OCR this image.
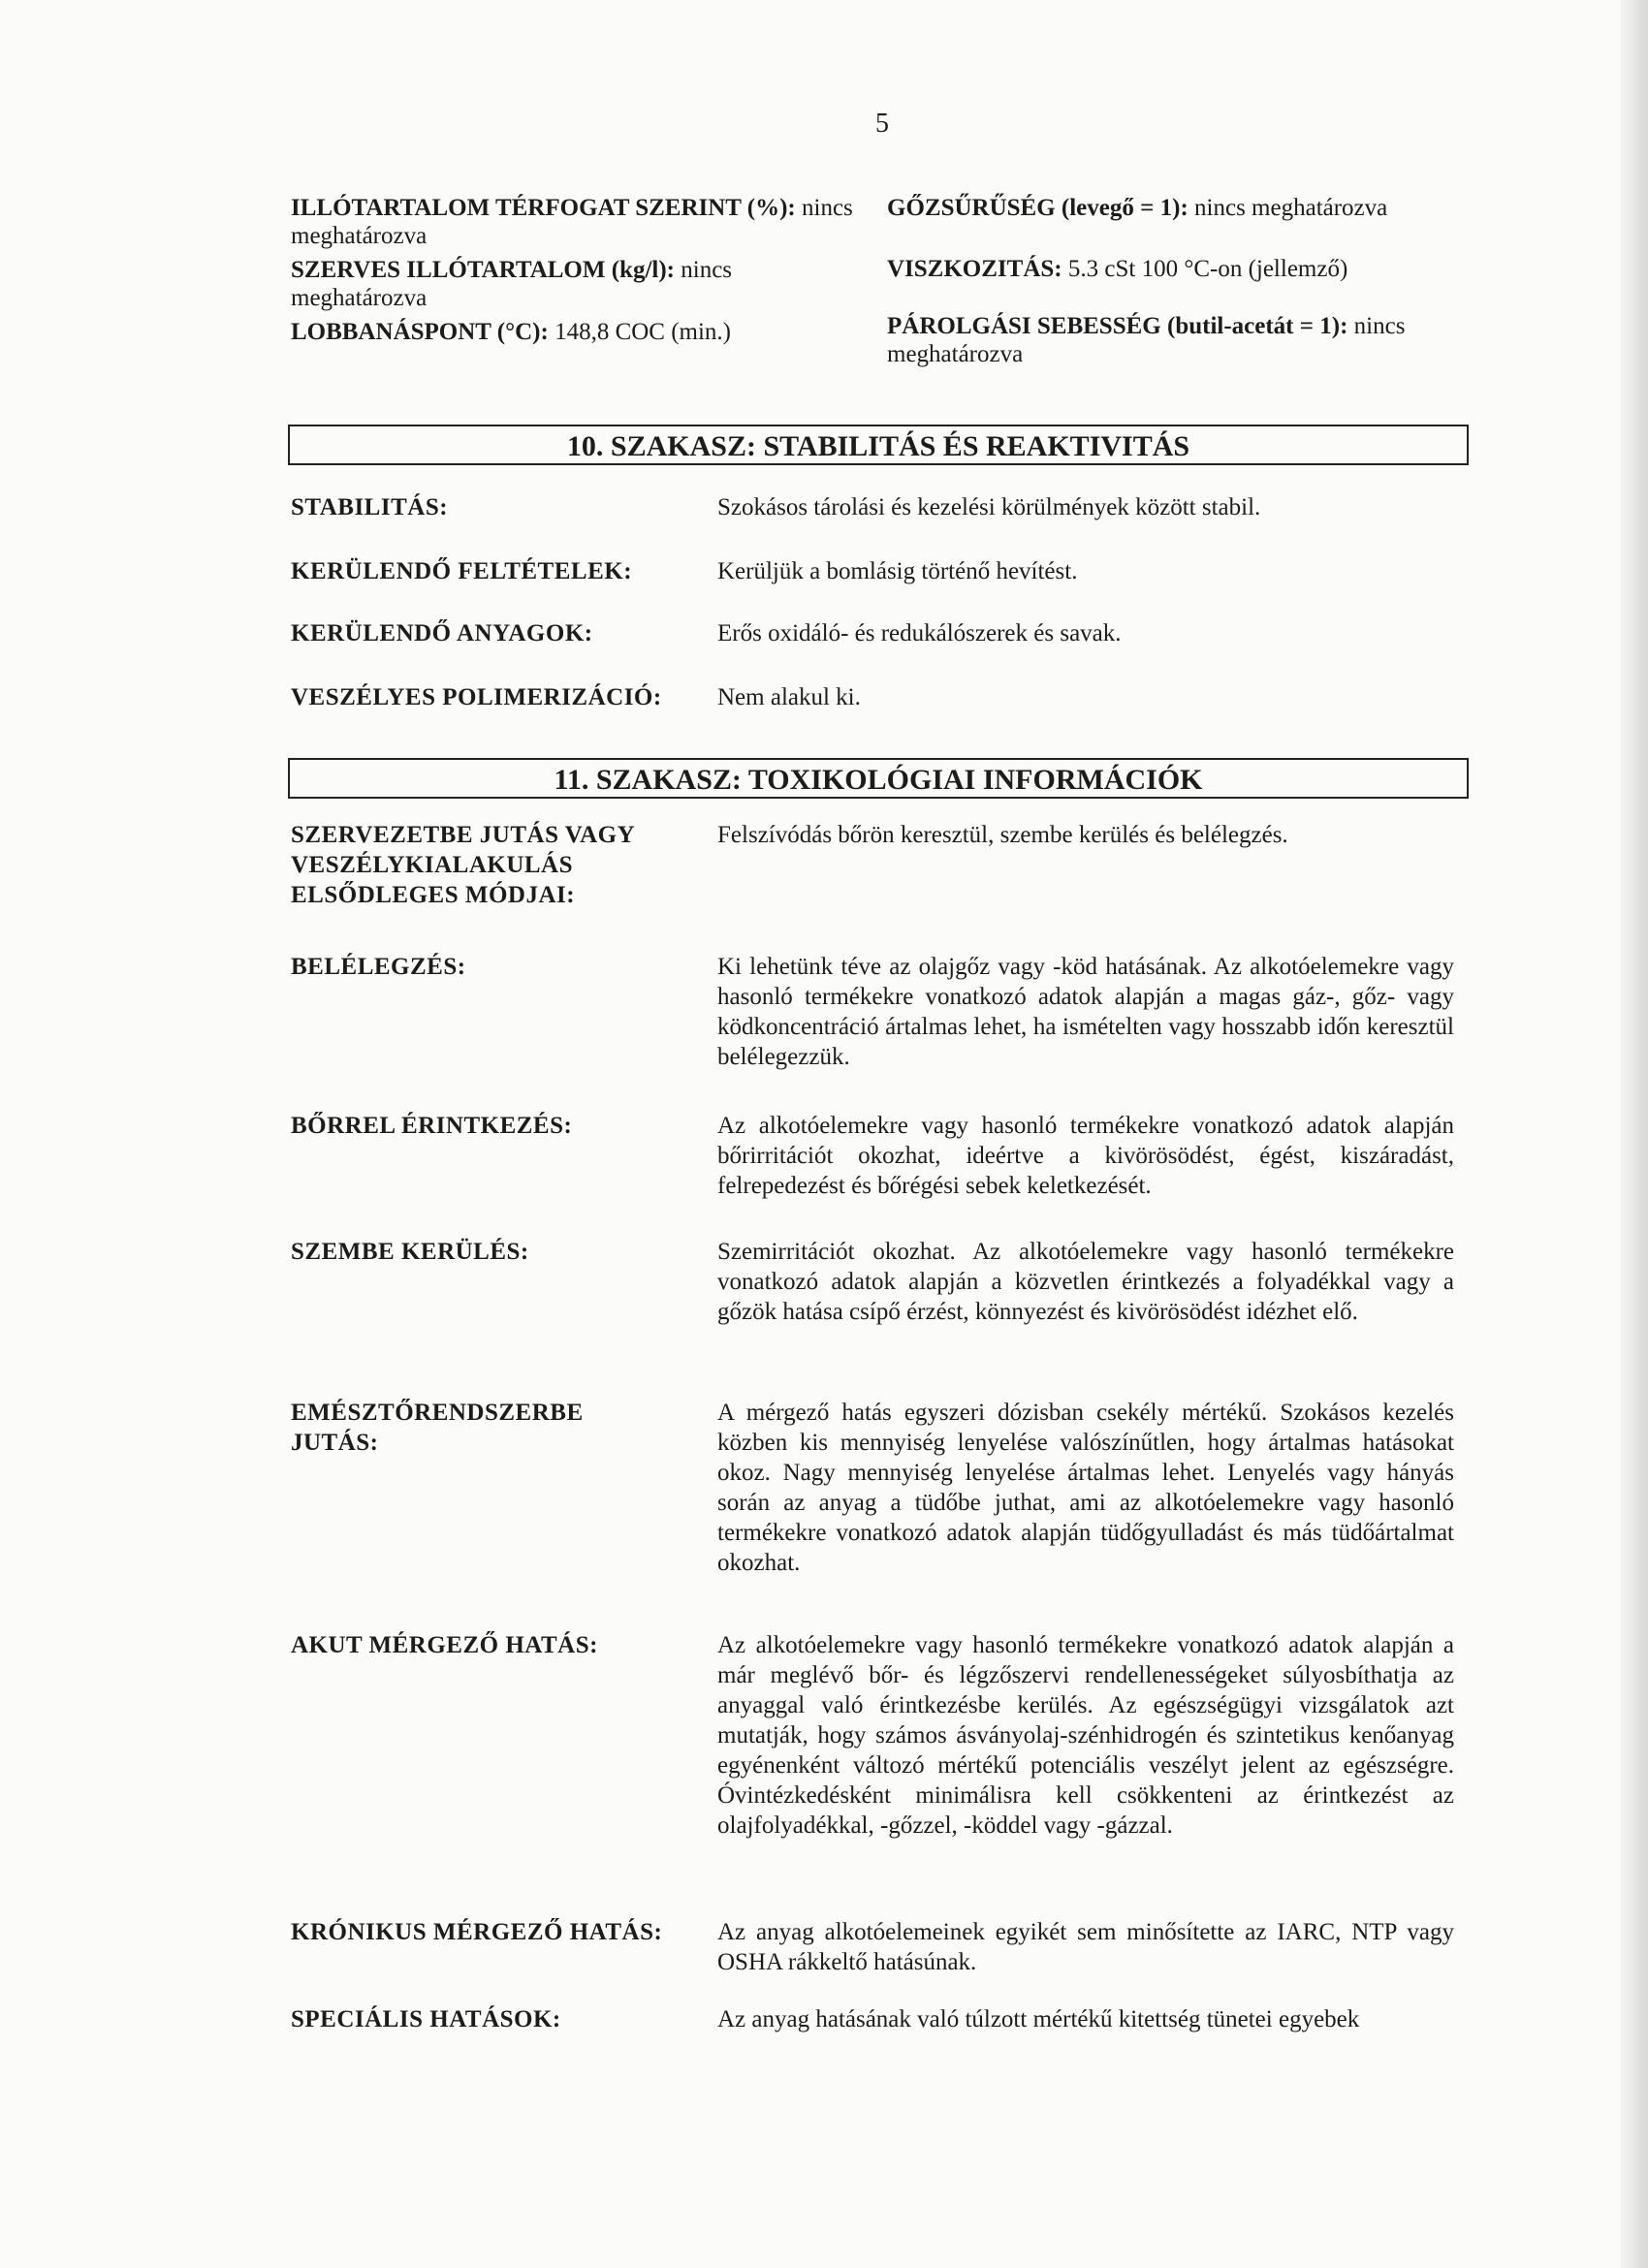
5
ILLÓTARTALOM TÉRFOGAT SZERINT (%): nincs meghatározva
SZERVES ILLÓTARTALOM (kg/l): nincs meghatározva
LOBBANÁSPONT (°C): 148,8 COC (min.)
GŐZSŰRŰSÉG (levegő = 1): nincs meghatározva
VISZKOZITÁS: 5.3 cSt 100 °C-on (jellemző)
PÁROLGÁSI SEBESSÉG (butil-acetát = 1): nincs meghatározva
10. SZAKASZ: STABILITÁS ÉS REAKTIVITÁS
STABILITÁS:	Szokásos tárolási és kezelési körülmények között stabil.
KERÜLENDŐ FELTÉTELEK:	Kerüljük a bomlásig történő hevítést.
KERÜLENDŐ ANYAGOK:	Erős oxidáló- és redukálószerek és savak.
VESZÉLYES POLIMERIZÁCIÓ:	Nem alakul ki.
11. SZAKASZ: TOXIKOLÓGIAI INFORMÁCIÓK
SZERVEZETBE JUTÁS VAGY VESZÉLYKIALAKULÁS ELSŐDLEGES MÓDJAI:
Felszívódás bőrön keresztül, szembe kerülés és belélegzés.
BELÉLEGZÉS:	Ki lehetünk téve az olajgőz vagy -köd hatásának. Az alkotóelemekre vagy hasonló termékekre vonatkozó adatok alapján a magas gáz-, gőz- vagy ködkoncentráció ártalmas lehet, ha ismételten vagy hosszabb időn keresztül belélegezzük.
BŐRREL ÉRINTKEZÉS:	Az alkotóelemekre vagy hasonló termékekre vonatkozó adatok alapján bőrirritációt okozhat, ideértve a kivörösödést, égést, kiszáradást, felrepedezést és bőrégési sebek keletkezését.
SZEMBE KERÜLÉS:	Szemirritációt okozhat. Az alkotóelemekre vagy hasonló termékekre vonatkozó adatok alapján a közvetlen érintkezés a folyadékkal vagy a gőzök hatása csípő érzést, könnyezést és kivörösödést idézhet elő.
EMÉSZTŐRENDSZERBE JUTÁS:
A mérgező hatás egyszeri dózisban csekély mértékű. Szokásos kezelés közben kis mennyiség lenyelése valószínűtlen, hogy ártalmas hatásokat okoz. Nagy mennyiség lenyelése ártalmas lehet. Lenyelés vagy hányás során az anyag a tüdőbe juthat, ami az alkotóelemekre vagy hasonló termékekre vonatkozó adatok alapján tüdőgyulladást és más tüdőártalmat okozhat.
AKUT MÉRGEZŐ HATÁS:	Az alkotóelemekre vagy hasonló termékekre vonatkozó adatok alapján a már meglévő bőr- és légzőszervi rendellenességeket súlyosbíthatja az anyaggal való érintkezésbe kerülés. Az egészségügyi vizsgálatok azt mutatják, hogy számos ásványolaj-szénhidrogén és szintetikus kenőanyag egyénenként változó mértékű potenciális veszélyt jelent az egészségre. Óvintézkedésként minimálisra kell csökkenteni az érintkezést az olajfolyadékkal, -gőzzel, -köddel vagy -gázzal.
KRÓNIKUS MÉRGEZŐ HATÁS:	Az anyag alkotóelemeinek egyikét sem minősítette az IARC, NTP vagy OSHA rákkeltő hatásúnak.
SPECIÁLIS HATÁSOK:	Az anyag hatásának való túlzott mértékű kitettség tünetei egyebek
